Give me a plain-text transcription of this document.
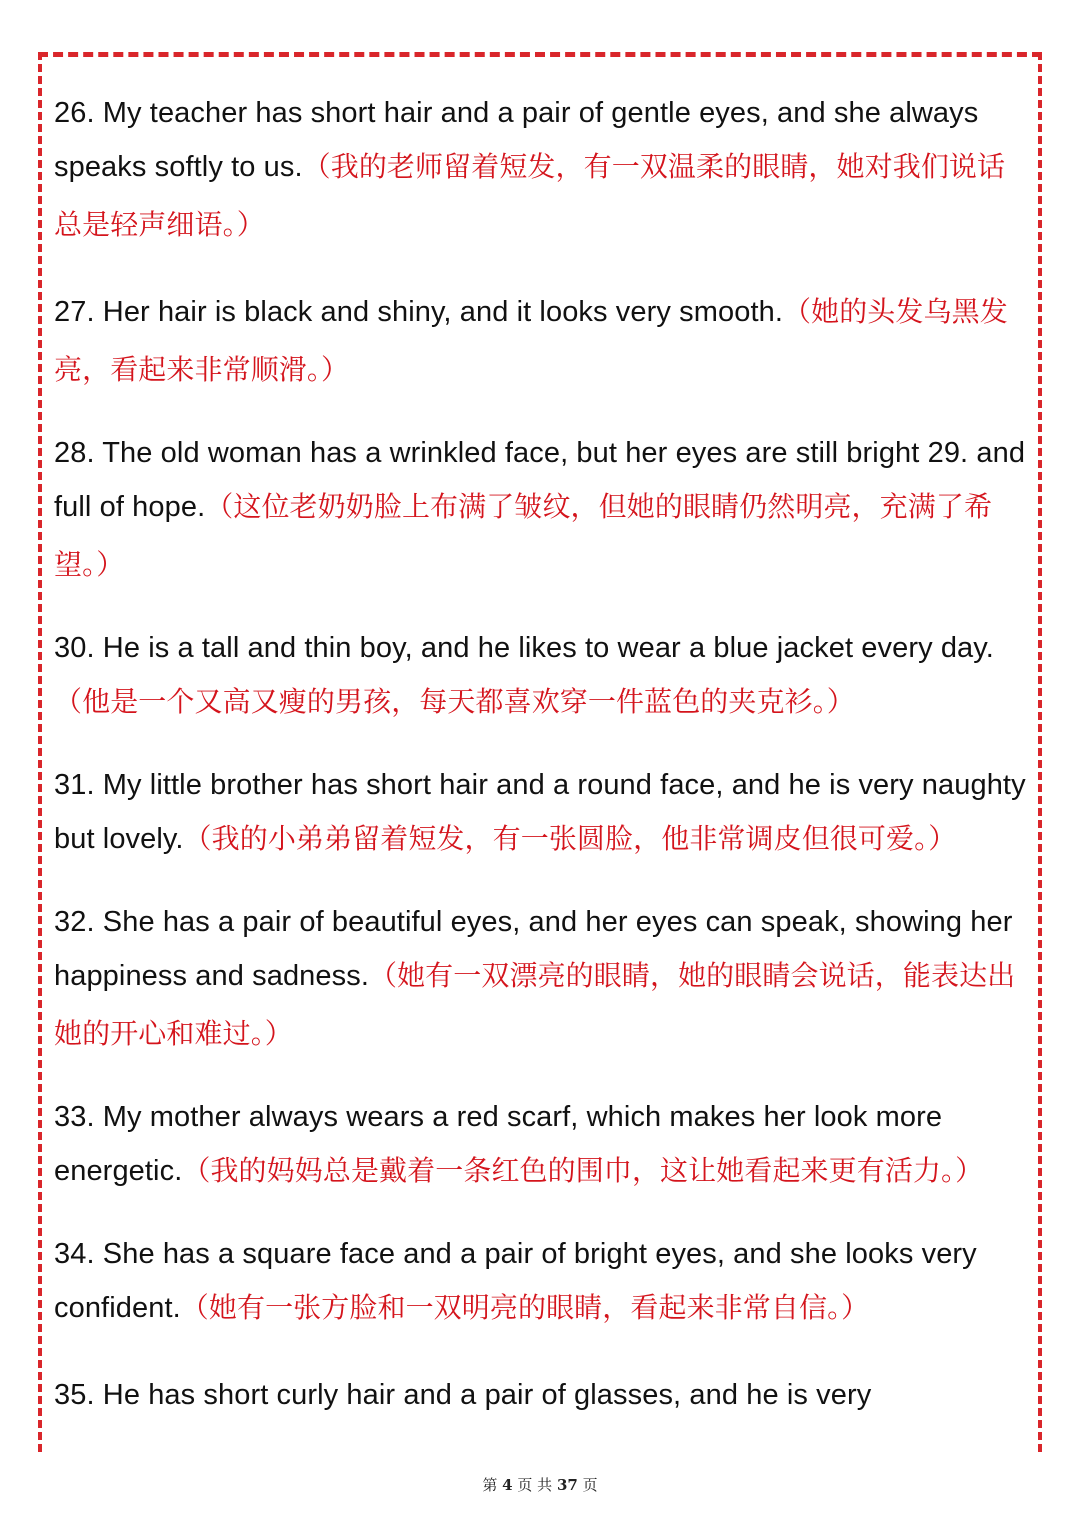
26. My teacher has short hair and a pair of gentle eyes, and she always speaks softly to us.（我的老师留着短发，有一双温柔的眼睛，她对我们说话总是轻声细语。）

27. Her hair is black and shiny, and it looks very smooth.（她的头发乌黑发亮，看起来非常顺滑。）

28. The old woman has a wrinkled face, but her eyes are still bright 29. and full of hope.（这位老奶奶脸上布满了皱纹，但她的眼睛仍然明亮，充满了希望。）

30. He is a tall and thin boy, and he likes to wear a blue jacket every day.（他是一个又高又瘦的男孩，每天都喜欢穿一件蓝色的夹克衫。）

31. My little brother has short hair and a round face, and he is very naughty but lovely.（我的小弟弟留着短发，有一张圆脸，他非常调皮但很可爱。）

32. She has a pair of beautiful eyes, and her eyes can speak, showing her happiness and sadness.（她有一双漂亮的眼睛，她的眼睛会说话，能表达出她的开心和难过。）

33. My mother always wears a red scarf, which makes her look more energetic.（我的妈妈总是戴着一条红色的围巾，这让她看起来更有活力。）

34. She has a square face and a pair of bright eyes, and she looks very confident.（她有一张方脸和一双明亮的眼睛，看起来非常自信。）

35. He has short curly hair and a pair of glasses, and he is very

第 4 页 共 37 页
